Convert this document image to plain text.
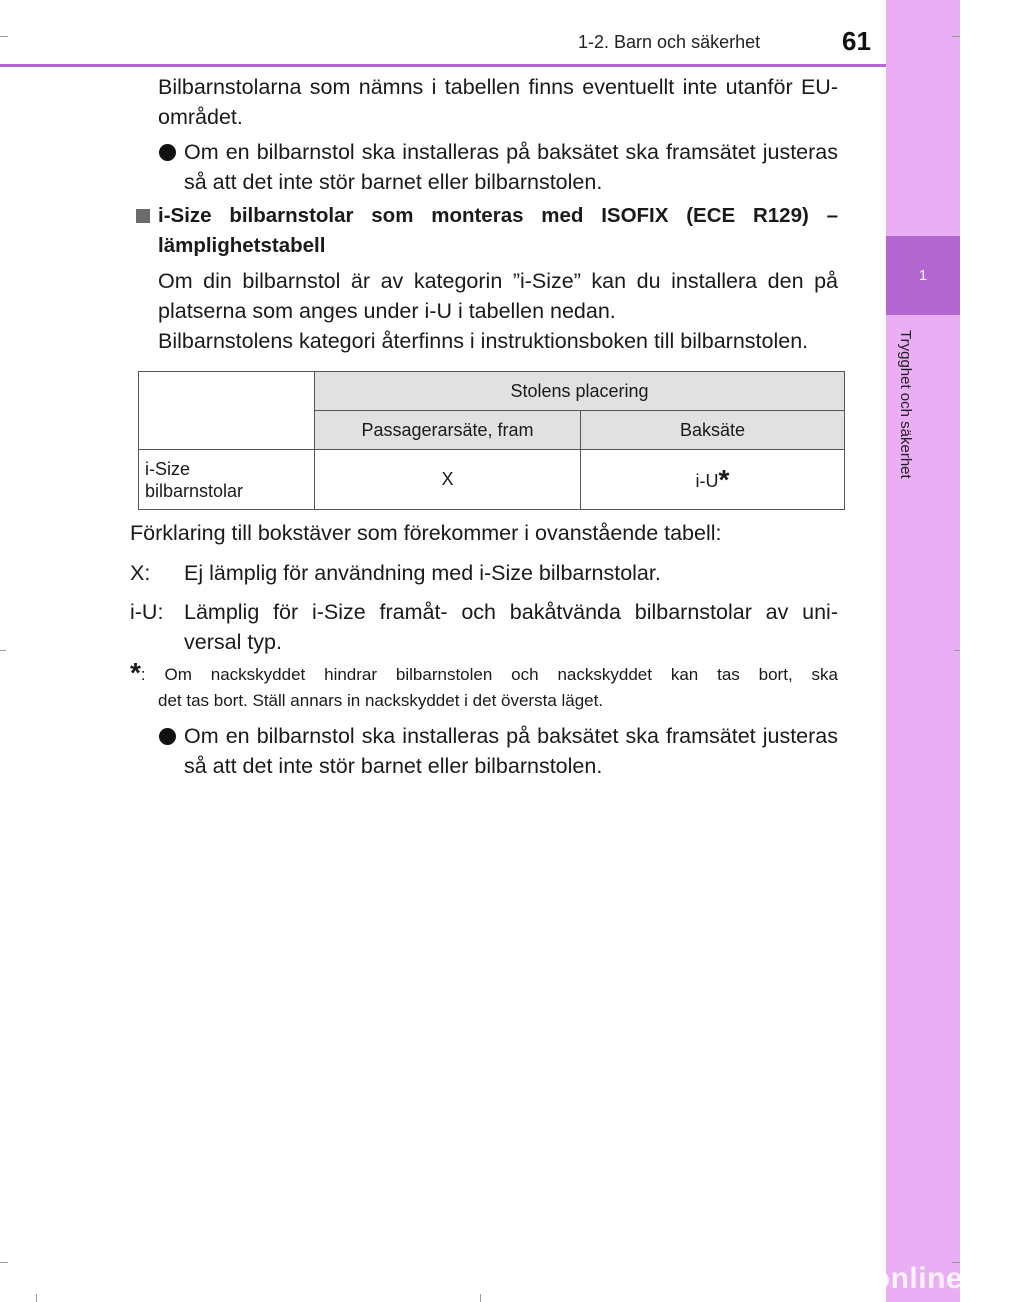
1
Trygghet och säkerhet
1-2. Barn och säkerhet	61
Bilbarnstolarna som nämns i tabellen finns eventuellt inte utanför EU-området.
Om en bilbarnstol ska installeras på baksätet ska framsätet justeras så att det inte stör barnet eller bilbarnstolen.
i-Size bilbarnstolar som monteras med ISOFIX (ECE R129) – lämplighetstabell
Om din bilbarnstol är av kategorin ”i-Size” kan du installera den på platserna som anges under i-U i tabellen nedan.
Bilbarnstolens kategori återfinns i instruktionsboken till bilbarnstolen.
	Stolens placering	
	Passagerarsäte, fram	Baksäte

i-Size
bilbarnstolar	X	i-U*
Förklaring till bokstäver som förekommer i ovanstående tabell:
X: Ej lämplig för användning med i-Size bilbarnstolar.
i-U: Lämplig för i-Size framåt- och bakåtvända bilbarnstolar av uni-
versal typ.
*: Om nackskyddet hindrar bilbarnstolen och nackskyddet kan tas bort, ska
det tas bort. Ställ annars in nackskyddet i det översta läget.
Om en bilbarnstol ska installeras på baksätet ska framsätet justeras så att det inte stör barnet eller bilbarnstolen.
carmanualsonline.info
